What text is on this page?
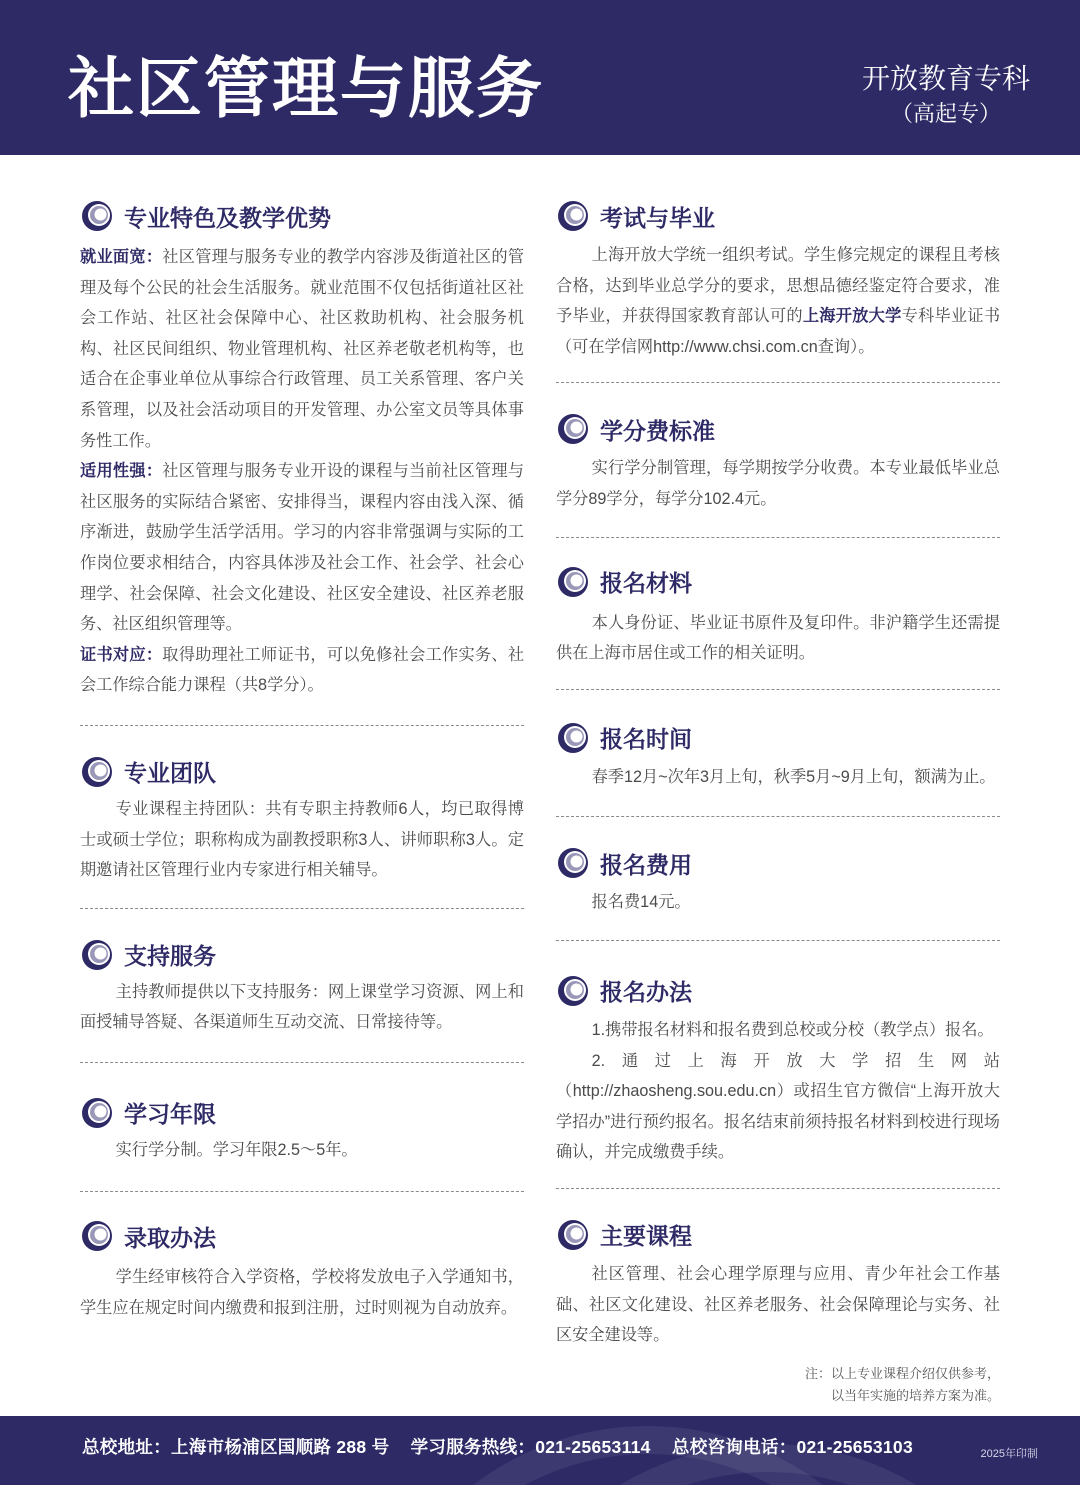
社区管理与服务	开放教育专科
（高起专）
专业特色及教学优势

就业面宽：社区管理与服务专业的教学内容涉及街道社区的管理及每个公民的社会生活服务。就业范围不仅包括街道社区社会工作站、社区社会保障中心、社区救助机构、社会服务机构、社区民间组织、物业管理机构、社区养老敬老机构等，也适合在企事业单位从事综合行政管理、员工关系管理、客户关系管理，以及社会活动项目的开发管理、办公室文员等具体事务性工作。

适用性强：社区管理与服务专业开设的课程与当前社区管理与社区服务的实际结合紧密、安排得当，课程内容由浅入深、循序渐进，鼓励学生活学活用。学习的内容非常强调与实际的工作岗位要求相结合，内容具体涉及社会工作、社会学、社会心理学、社会保障、社会文化建设、社区安全建设、社区养老服务、社区组织管理等。

证书对应：取得助理社工师证书，可以免修社会工作实务、社会工作综合能力课程（共8学分）。

专业团队

专业课程主持团队：共有专职主持教师6人，均已取得博士或硕士学位；职称构成为副教授职称3人、讲师职称3人。定期邀请社区管理行业内专家进行相关辅导。

支持服务

主持教师提供以下支持服务：网上课堂学习资源、网上和面授辅导答疑、各渠道师生互动交流、日常接待等。

学习年限

实行学分制。学习年限2.5～5年。

录取办法

学生经审核符合入学资格，学校将发放电子入学通知书，学生应在规定时间内缴费和报到注册，过时则视为自动放弃。

考试与毕业

上海开放大学统一组织考试。学生修完规定的课程且考核合格，达到毕业总学分的要求，思想品德经鉴定符合要求，准予毕业，并获得国家教育部认可的上海开放大学专科毕业证书（可在学信网http://www.chsi.com.cn查询）。

学分费标准

实行学分制管理，每学期按学分收费。本专业最低毕业总学分89学分，每学分102.4元。

报名材料

本人身份证、毕业证书原件及复印件。非沪籍学生还需提供在上海市居住或工作的相关证明。

报名时间

春季12月~次年3月上旬，秋季5月~9月上旬，额满为止。

报名费用

报名费14元。

报名办法

1.携带报名材料和报名费到总校或分校（教学点）报名。

2.通过上海开放大学招生网站（http://zhaosheng.sou.edu.cn）或招生官方微信“上海开放大学招办”进行预约报名。报名结束前须持报名材料到校进行现场确认，并完成缴费手续。

主要课程

社区管理、社会心理学原理与应用、青少年社会工作基础、社区文化建设、社区养老服务、社会保障理论与实务、社区安全建设等。

注：以上专业课程介绍仅供参考，
以当年实施的培养方案为准。
总校地址：上海市杨浦区国顺路 288 号 学习服务热线：021-25653114 总校咨询电话：021-25653103	2025年印制
